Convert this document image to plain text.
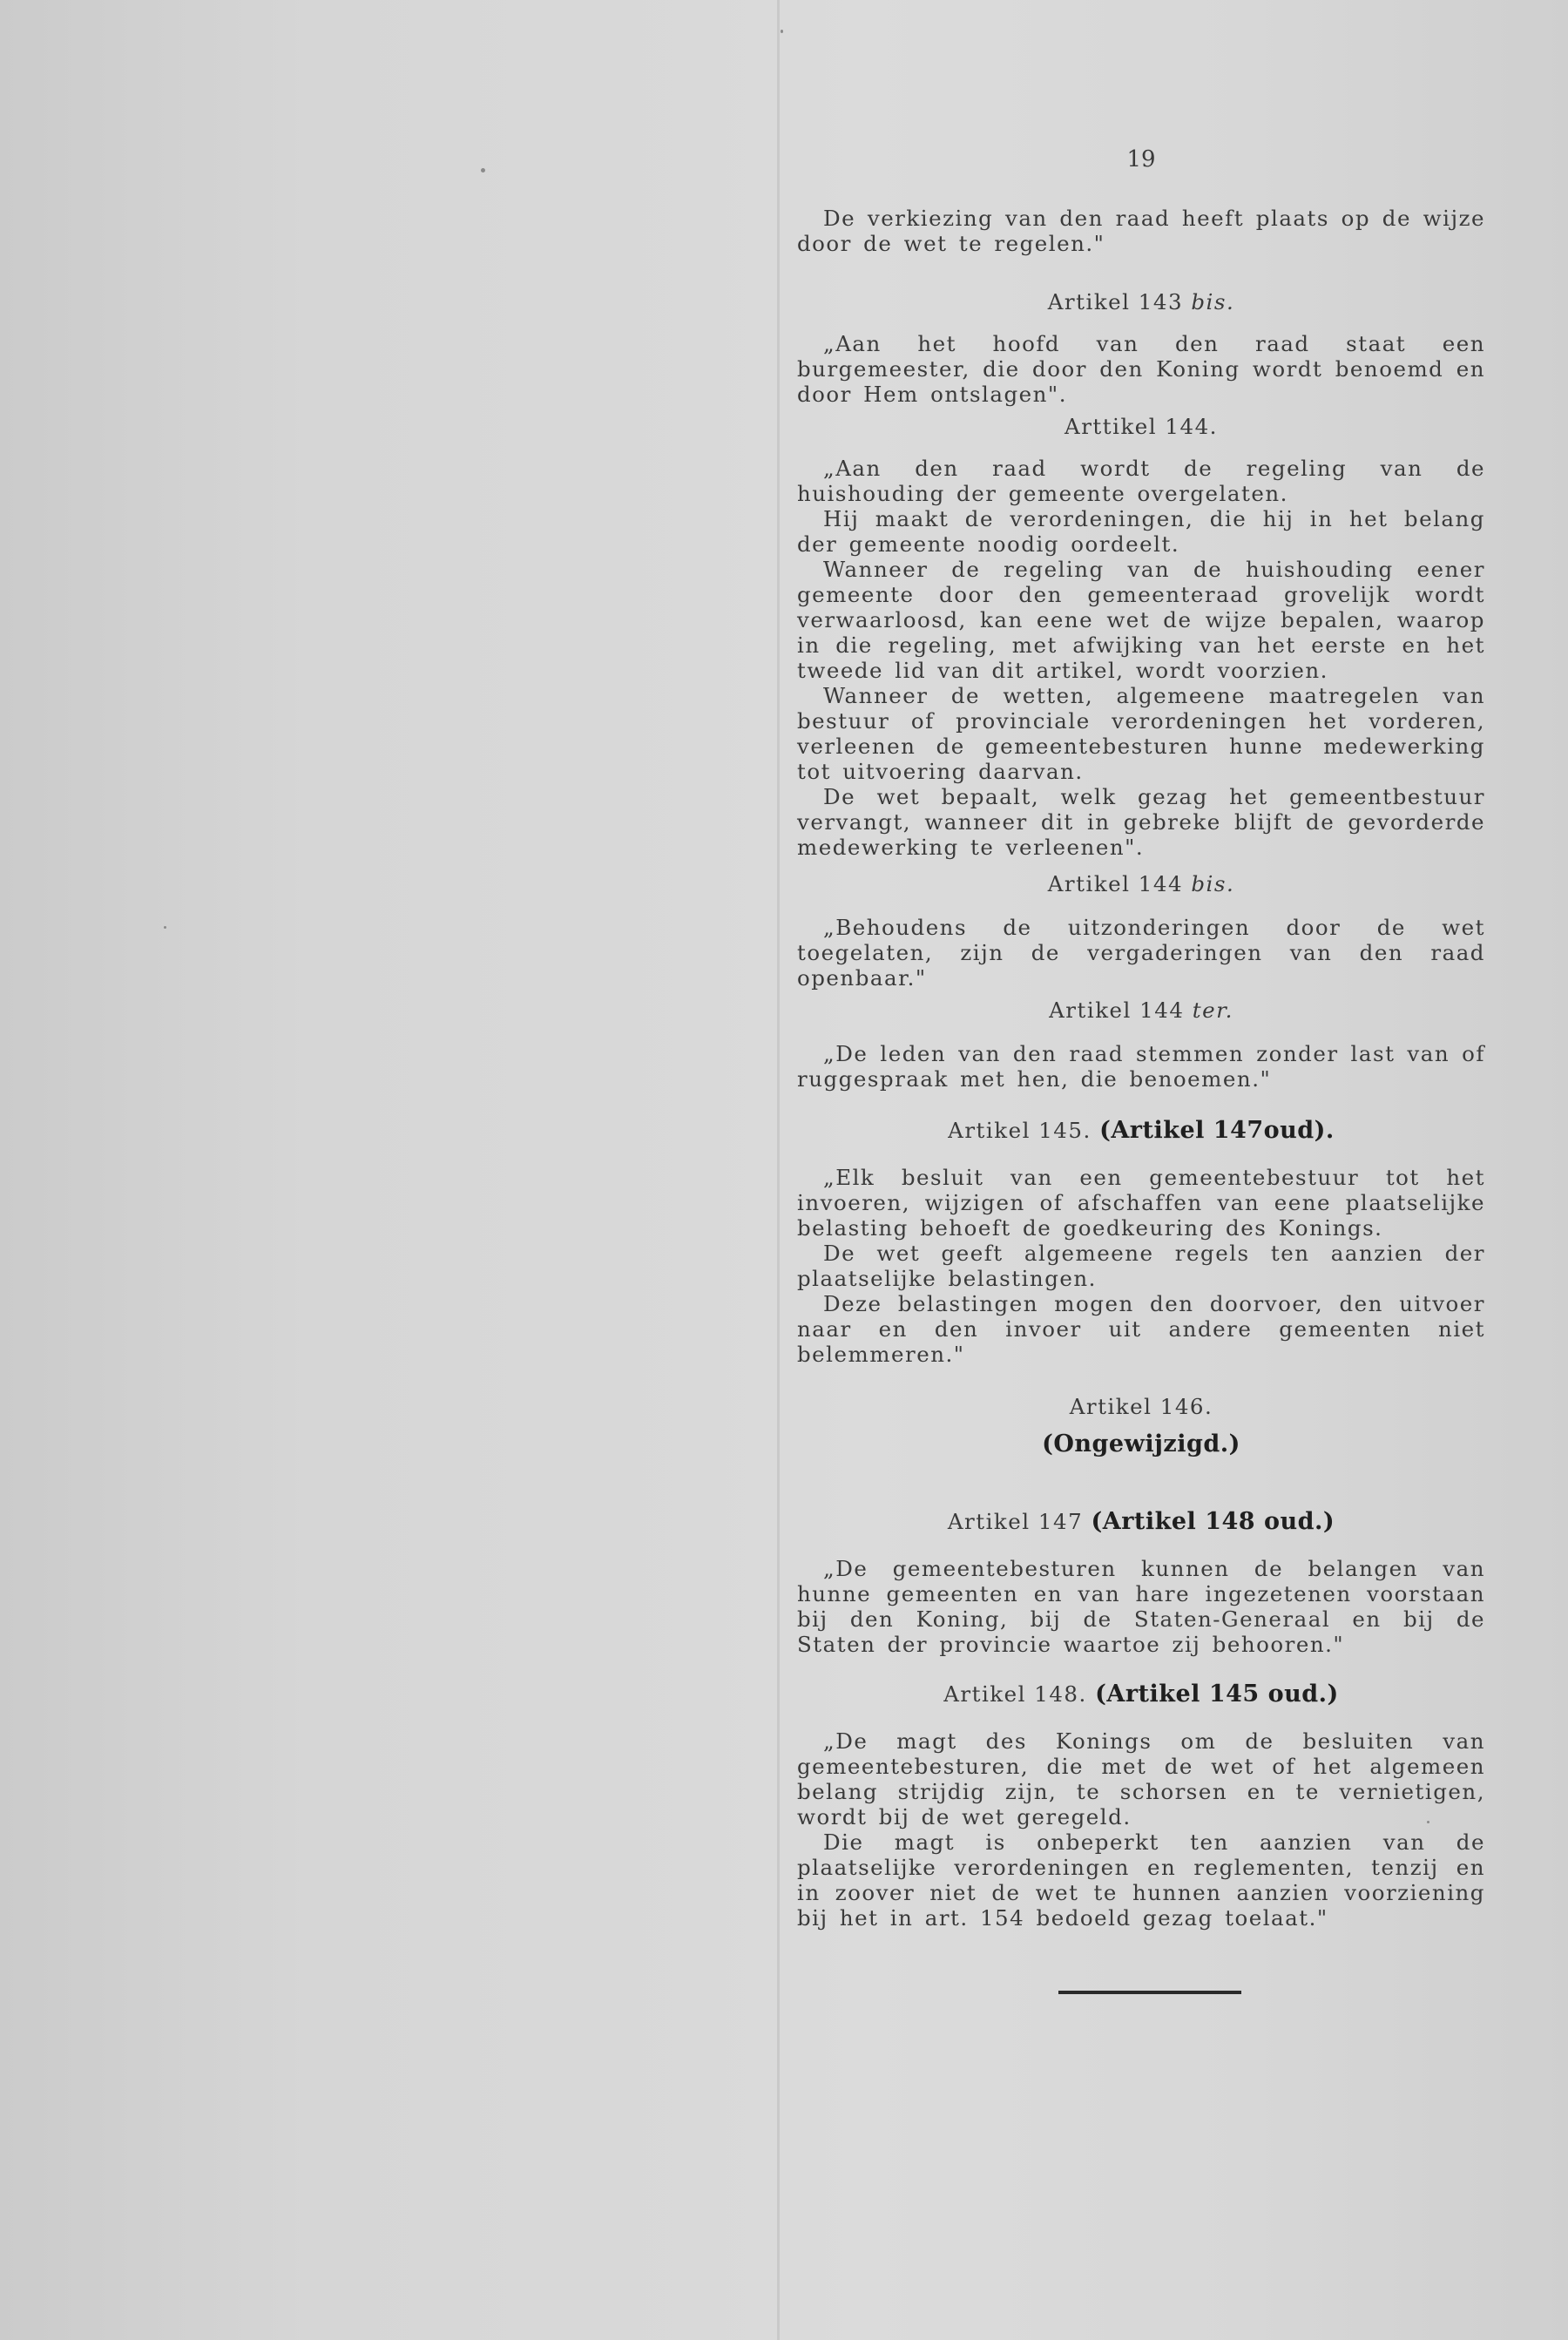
19
De verkiezing van den raad heeft plaats op de wijze door de wet te regelen."
Artikel 143 bis.
„Aan het hoofd van den raad staat een burgemeester, die door den Koning wordt benoemd en door Hem ontslagen".
Arttikel 144.
„Aan den raad wordt de regeling van de huishouding der gemeente overgelaten.
Hij maakt de verordeningen, die hij in het belang der gemeente noodig oordeelt.
Wanneer de regeling van de huishouding eener gemeente door den gemeenteraad grovelijk wordt verwaarloosd, kan eene wet de wijze bepalen, waarop in die regeling, met afwijking van het eerste en het tweede lid van dit artikel, wordt voorzien.
Wanneer de wetten, algemeene maatregelen van bestuur of provinciale verordeningen het vorderen, verleenen de gemeentebesturen hunne medewerking tot uitvoering daarvan.
De wet bepaalt, welk gezag het gemeentbestuur vervangt, wanneer dit in gebreke blijft de gevorderde medewerking te verleenen".
Artikel 144 bis.
„Behoudens de uitzonderingen door de wet toegelaten, zijn de vergaderingen van den raad openbaar."
Artikel 144 ter.
„De leden van den raad stemmen zonder last van of ruggespraak met hen, die benoemen."
Artikel 145. (Artikel 147oud).
„Elk besluit van een gemeentebestuur tot het invoeren, wijzigen of afschaffen van eene plaatselijke belasting behoeft de goedkeuring des Konings.
De wet geeft algemeene regels ten aanzien der plaatselijke belastingen.
Deze belastingen mogen den doorvoer, den uitvoer naar en den invoer uit andere gemeenten niet belemmeren."
Artikel 146.
(Ongewijzigd.)
Artikel 147 (Artikel 148 oud.)
„De gemeentebesturen kunnen de belangen van hunne gemeenten en van hare ingezetenen voorstaan bij den Koning, bij de Staten-Generaal en bij de Staten der provincie waartoe zij behooren."
Artikel 148. (Artikel 145 oud.)
„De magt des Konings om de besluiten van gemeentebesturen, die met de wet of het algemeen belang strijdig zijn, te schorsen en te vernietigen, wordt bij de wet geregeld.
Die magt is onbeperkt ten aanzien van de plaatselijke verordeningen en reglementen, tenzij en in zoover niet de wet te hunnen aanzien voorziening bij het in art. 154 bedoeld gezag toelaat."
